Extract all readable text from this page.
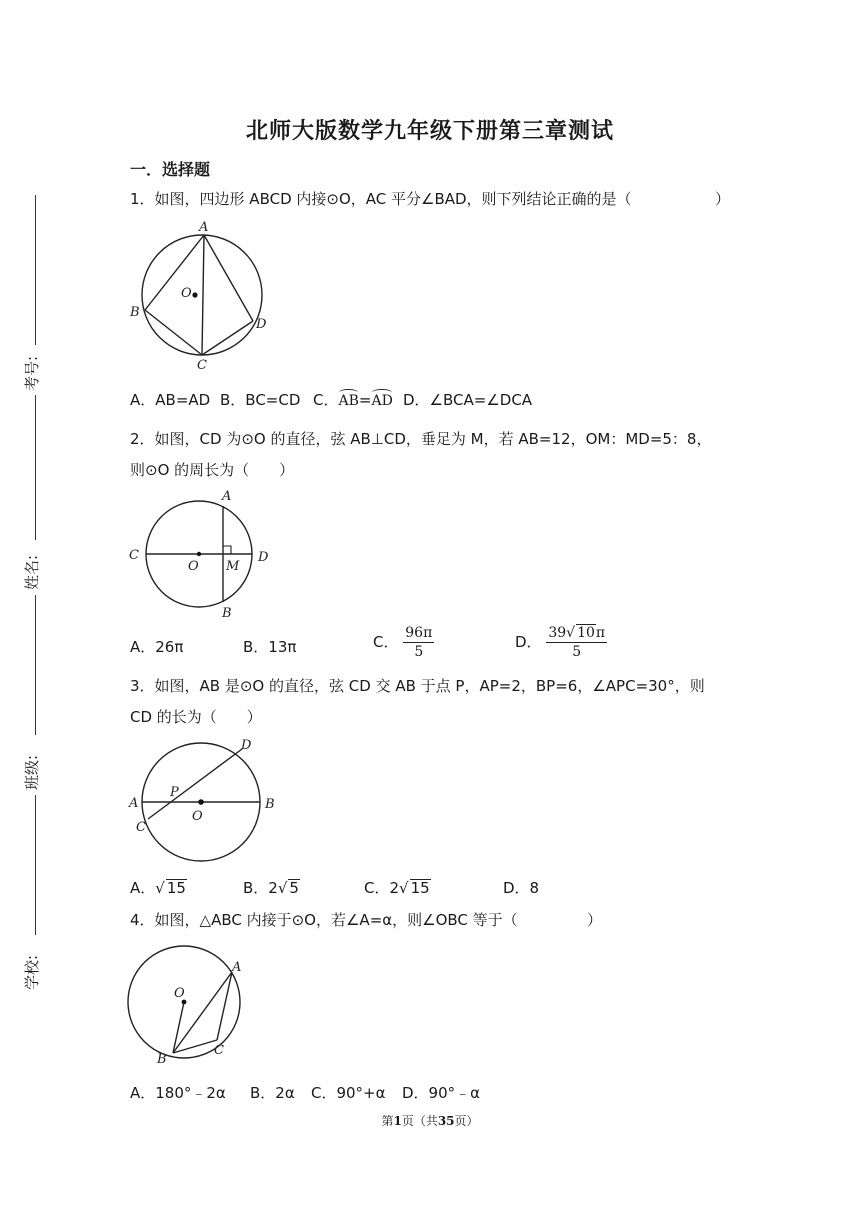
考号:
姓名:
班级:
学校:
北师大版数学九年级下册第三章测试
一．选择题
1．如图，四边形 ABCD 内接⊙O，AC 平分∠BAD，则下列结论正确的是（	）
A
B
C
D
O
A．AB=AD B．BC=CD C．AB=AD D．∠BCA=∠DCA
2．如图，CD 为⊙O 的直径，弦 AB⊥CD，垂足为 M，若 AB=12，OM：MD=5：8，
则⊙O 的周长为（　　）
A
B
C	D
O M
A．26π	B．13π	C． $\frac{96\pi}{5}$	D． $\frac{39√ 10\pi}{5}$
3．如图，AB 是⊙O 的直径，弦 CD 交 AB 于点 P，AP=2，BP=6，∠APC=30°，则
CD 的长为（　　）
A	B
C
D
O
P
A．√ 15	B．2√ 5	C．2√ 15	D．8
4．如图，△ABC 内接于⊙O，若∠A=α，则∠OBC 等于（	）
A
B
C
O
A．180°﹣2α B．2α C．90°+α D．90°﹣α
第1页（共35页）
